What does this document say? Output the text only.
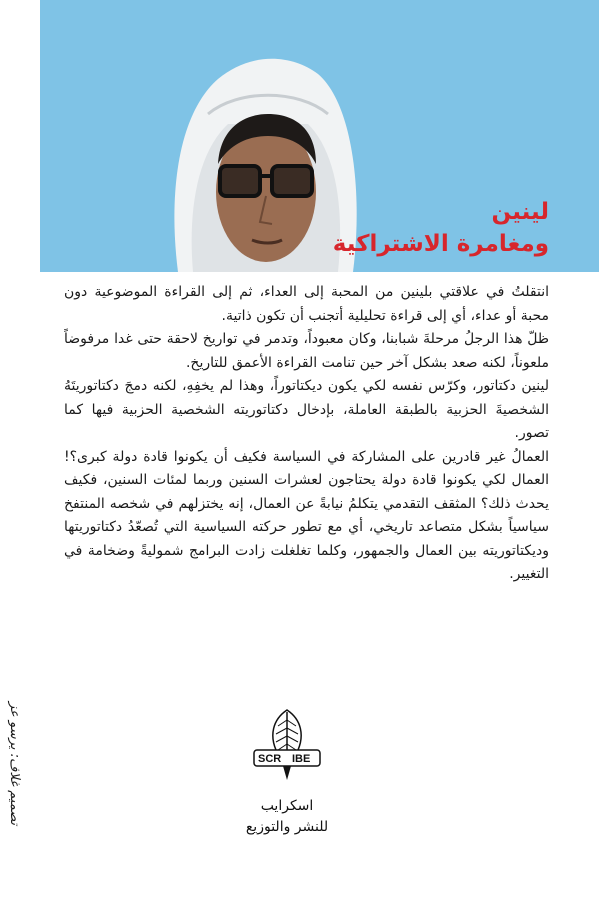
لينين
ومغامرة الاشتراكية

انتقلتُ في علاقتي بلينين من المحبة إلى العداء، ثم إلى القراءة الموضوعية دون محبة أو عداء، أي إلى قراءة تحليلية أتجنب أن تكون ذاتية.

ظلّ هذا الرجلُ مرحلةَ شبابنا، وكان معبوداً، وتدمر في تواريخ لاحقة حتى غدا مرفوضاً ملعوناً، لكنه صعد بشكل آخر حين تنامت القراءة الأعمق للتاريخ.

لينين دكتاتور، وكرّس نفسه لكي يكون ديكتاتوراً، وهذا لم يخفِهِ، لكنه دمجَ دكتاتوريتَهُ الشخصيةَ الحزبية بالطبقة العاملة، بإدخال دكتاتوريته الشخصية الحزبية فيها كما تصور.

العمالُ غير قادرين على المشاركة في السياسة فكيف أن يكونوا قادة دولة كبرى؟! العمال لكي يكونوا قادة دولة يحتاجون لعشرات السنين وربما لمئات السنين، فكيف يحدث ذلك؟ المثقف التقدمي يتكلمُ نيابةً عن العمال، إنه يختزلهم في شخصه المنتفخ سياسياً بشكل متصاعد تاريخي، أي مع تطور حركته السياسية التي تُصعّدُ دكتاتوريتها وديكتاتوريته بين العمال والجمهور، وكلما تغلغلت زادت البرامج شموليةً وضخامة في التغيير.

تصميم غلاف: يرسو عز	SCR IBE
اسكرايب
للنشر والتوزيع
